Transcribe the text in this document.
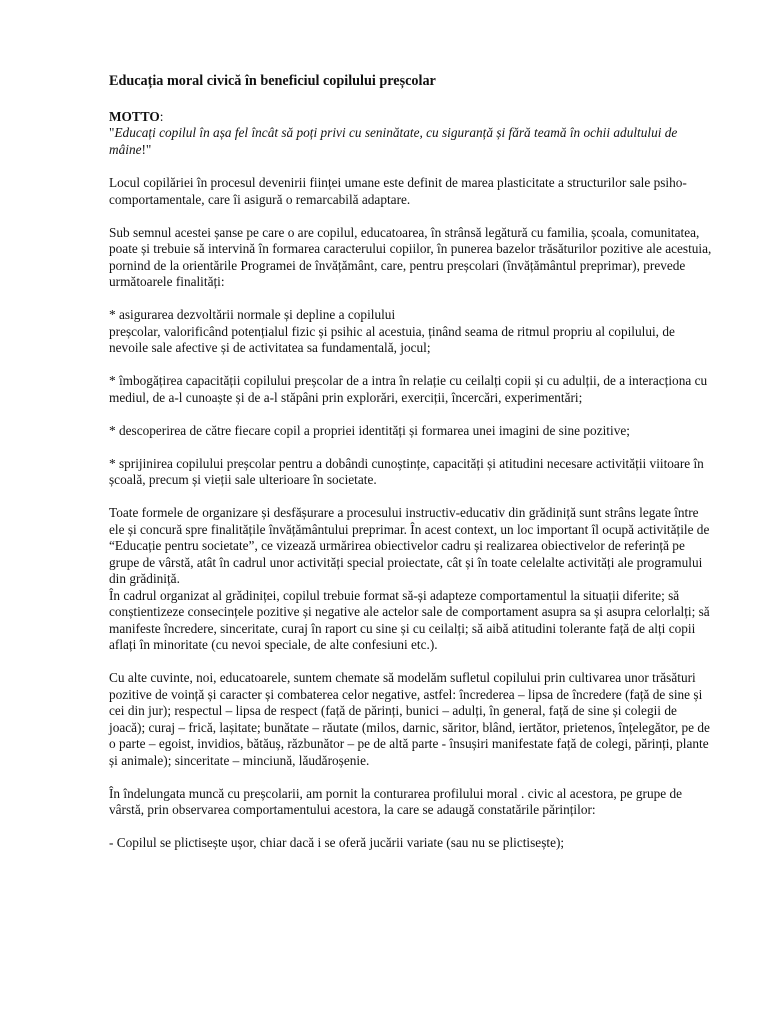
Educația moral civică în beneficiul copilului preșcolar
MOTTO:
"Educați copilul în așa fel încât să poți privi cu seninătate, cu siguranță și fără teamă în ochii adultului de mâine!"

Locul copilăriei în procesul devenirii ființei umane este definit de marea plasticitate a structurilor sale psiho-comportamentale, care îi asigură o remarcabilă adaptare.

Sub semnul acestei șanse pe care o are copilul, educatoarea, în strânsă legătură cu familia, școala, comunitatea, poate și trebuie să intervină în formarea caracterului copiilor, în punerea bazelor trăsăturilor pozitive ale acestuia, pornind de la orientările Programei de învățământ, care, pentru preșcolari (învățământul preprimar), prevede următoarele finalități:

* asigurarea dezvoltării normale și depline a copilului

preșcolar, valorificând potențialul fizic și psihic al acestuia, ținând seama de ritmul propriu al copilului, de nevoile sale afective și de activitatea sa fundamentală, jocul;

* îmbogățirea capacității copilului preșcolar de a intra în relație cu ceilalți copii și cu adulții, de a interacționa cu mediul, de a-l cunoaște și de a-l stăpâni prin explorări, exerciții, încercări, experimentări;

* descoperirea de către fiecare copil a propriei identități și formarea unei imagini de sine pozitive;

* sprijinirea copilului preșcolar pentru a dobândi cunoștințe, capacități și atitudini necesare activității viitoare în școală, precum și vieții sale ulterioare în societate.

Toate formele de organizare și desfășurare a procesului instructiv-educativ din grădiniță sunt strâns legate între ele și concură spre finalitățile învățământului preprimar. În acest context, un loc important îl ocupă activitățile de “Educație pentru societate”, ce vizează urmărirea obiectivelor cadru și realizarea obiectivelor de referință pe grupe de vârstă, atât în cadrul unor activități special proiectate, cât și în toate celelalte activități ale programului din grădiniță.

În cadrul organizat al grădiniței, copilul trebuie format să-și adapteze comportamentul la situații diferite; să conștientizeze consecințele pozitive și negative ale actelor sale de comportament asupra sa și asupra celorlalți; să manifeste încredere, sinceritate, curaj în raport cu sine și cu ceilalți; să aibă atitudini tolerante față de alți copii aflați în minoritate (cu nevoi speciale, de alte confesiuni etc.).

Cu alte cuvinte, noi, educatoarele, suntem chemate să modelăm sufletul copilului prin cultivarea unor trăsături pozitive de voință și caracter și combaterea celor negative, astfel: încrederea – lipsa de încredere (față de sine și cei din jur); respectul – lipsa de respect (față de părinți, bunici – adulți, în general, față de sine și colegii de joacă); curaj – frică, lașitate; bunătate – răutate (milos, darnic, săritor, blând, iertător, prietenos, înțelegător, pe de o parte – egoist, invidios, bătăuș, răzbunător – pe de altă parte - însușiri manifestate față de colegi, părinți, plante și animale); sinceritate – minciună, lăudăroșenie.

În îndelungata muncă cu preșcolarii, am pornit la conturarea profilului moral . civic al acestora, pe grupe de vârstă, prin observarea comportamentului acestora, la care se adaugă constatările părinților:

- Copilul se plictisește ușor, chiar dacă i se oferă jucării variate (sau nu se plictisește);
